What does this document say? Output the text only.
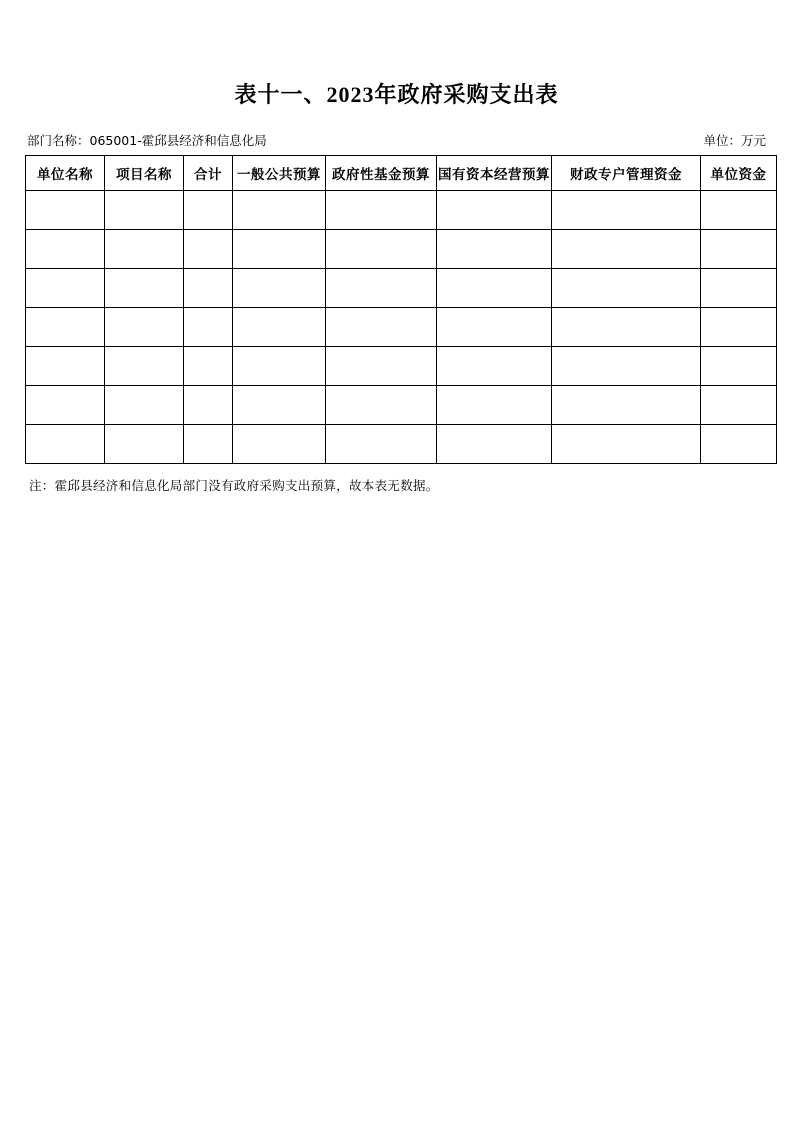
表十一、2023年政府采购支出表
部门名称：065001-霍邱县经济和信息化局	单位：万元
单位名称	项目名称	合计	一般公共预算	政府性基金预算	国有资本经营预算	财政专户管理资金	单位资金

注：霍邱县经济和信息化局部门没有政府采购支出预算，故本表无数据。
